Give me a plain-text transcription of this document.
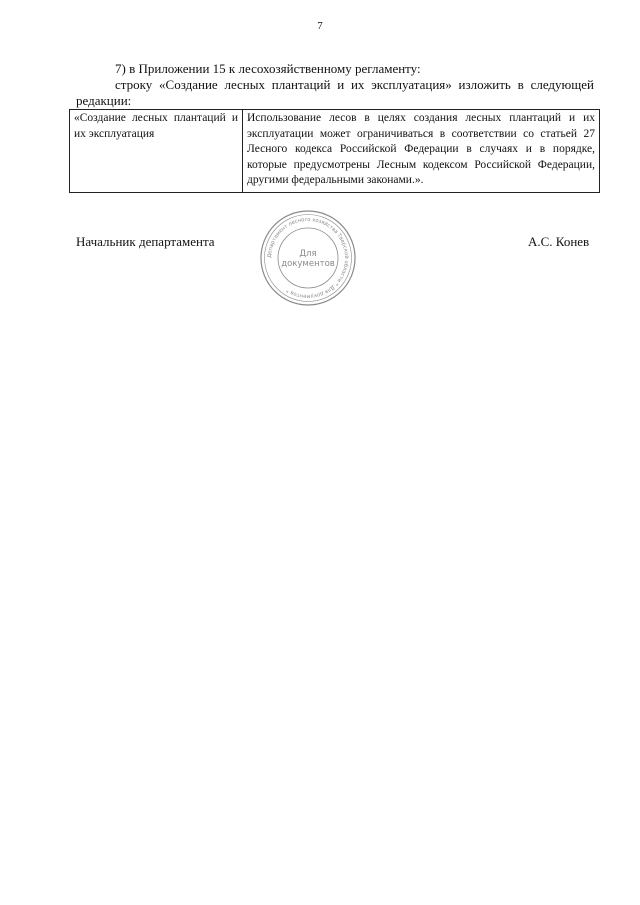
7
7) в Приложении 15 к лесохозяйственному регламенту:
строку «Создание лесных плантаций и их эксплуатация» изложить в следующей редакции:
«Создание лесных плантаций и их эксплуатация	Использование лесов в целях создания лесных плантаций и их эксплуатации может ограничиваться в соответствии со статьей 27 Лесного кодекса Российской Федерации в случаях и в порядке, которые предусмотрены Лесным кодексом Российской Федерации, другими федеральными законами.».
Начальник департамента	А.С. Конев
Департамент лесного хозяйства Тверской области * Для документов *
Для
документов
